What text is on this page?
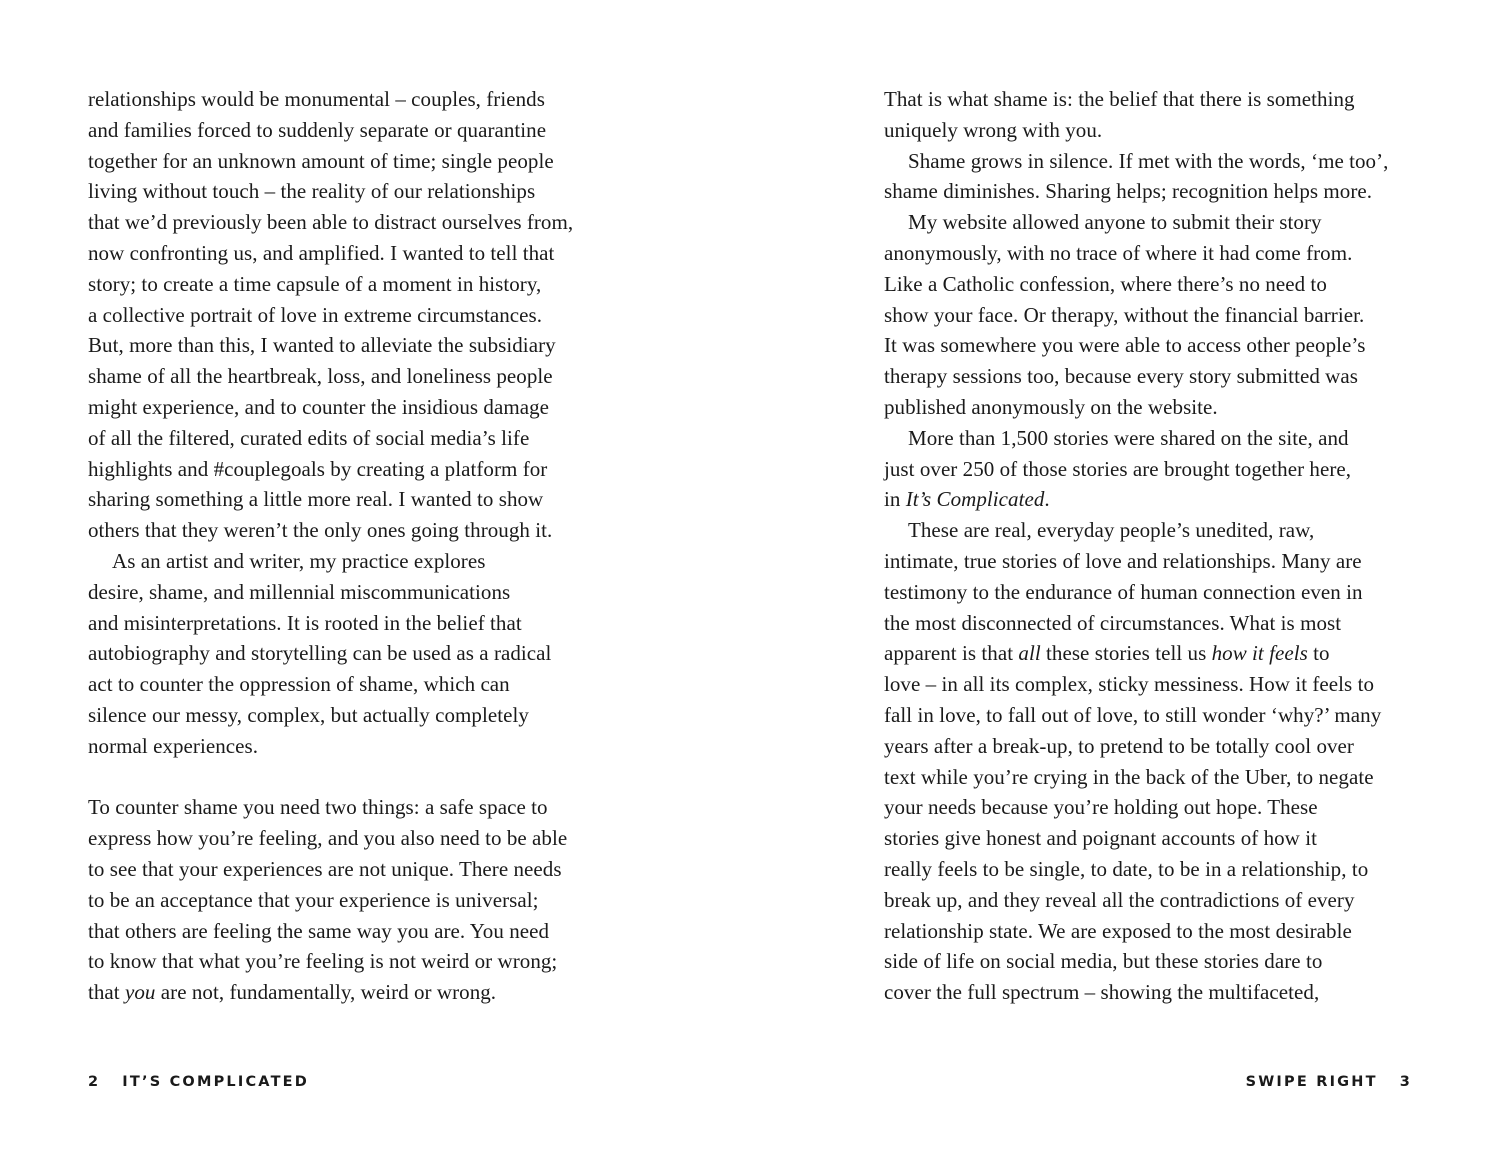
relationships would be monumental – couples, friends
and families forced to suddenly separate or quarantine
together for an unknown amount of time; single people
living without touch – the reality of our relationships
that we’d previously been able to distract ourselves from,
now confronting us, and amplified. I wanted to tell that
story; to create a time capsule of a moment in history,
a collective portrait of love in extreme circumstances.
But, more than this, I wanted to alleviate the subsidiary
shame of all the heartbreak, loss, and loneliness people
might experience, and to counter the insidious damage
of all the filtered, curated edits of social media’s life
highlights and #couplegoals by creating a platform for
sharing something a little more real. I wanted to show
others that they weren’t the only ones going through it.
As an artist and writer, my practice explores
desire, shame, and millennial miscommunications
and misinterpretations. It is rooted in the belief that
autobiography and storytelling can be used as a radical
act to counter the oppression of shame, which can
silence our messy, complex, but actually completely
normal experiences.
To counter shame you need two things: a safe space to
express how you’re feeling, and you also need to be able
to see that your experiences are not unique. There needs
to be an acceptance that your experience is universal;
that others are feeling the same way you are. You need
to know that what you’re feeling is not weird or wrong;
that you are not, fundamentally, weird or wrong.
2 IT’S COMPLICATED
That is what shame is: the belief that there is something
uniquely wrong with you.
Shame grows in silence. If met with the words, ‘me too’,
shame diminishes. Sharing helps; recognition helps more.
My website allowed anyone to submit their story
anonymously, with no trace of where it had come from.
Like a Catholic confession, where there’s no need to
show your face. Or therapy, without the financial barrier.
It was somewhere you were able to access other people’s
therapy sessions too, because every story submitted was
published anonymously on the website.
More than 1,500 stories were shared on the site, and
just over 250 of those stories are brought together here,
in It’s Complicated.
These are real, everyday people’s unedited, raw,
intimate, true stories of love and relationships. Many are
testimony to the endurance of human connection even in
the most disconnected of circumstances. What is most
apparent is that all these stories tell us how it feels to
love – in all its complex, sticky messiness. How it feels to
fall in love, to fall out of love, to still wonder ‘why?’ many
years after a break-up, to pretend to be totally cool over
text while you’re crying in the back of the Uber, to negate
your needs because you’re holding out hope. These
stories give honest and poignant accounts of how it
really feels to be single, to date, to be in a relationship, to
break up, and they reveal all the contradictions of every
relationship state. We are exposed to the most desirable
side of life on social media, but these stories dare to
cover the full spectrum – showing the multifaceted,
SWIPE RIGHT 3
